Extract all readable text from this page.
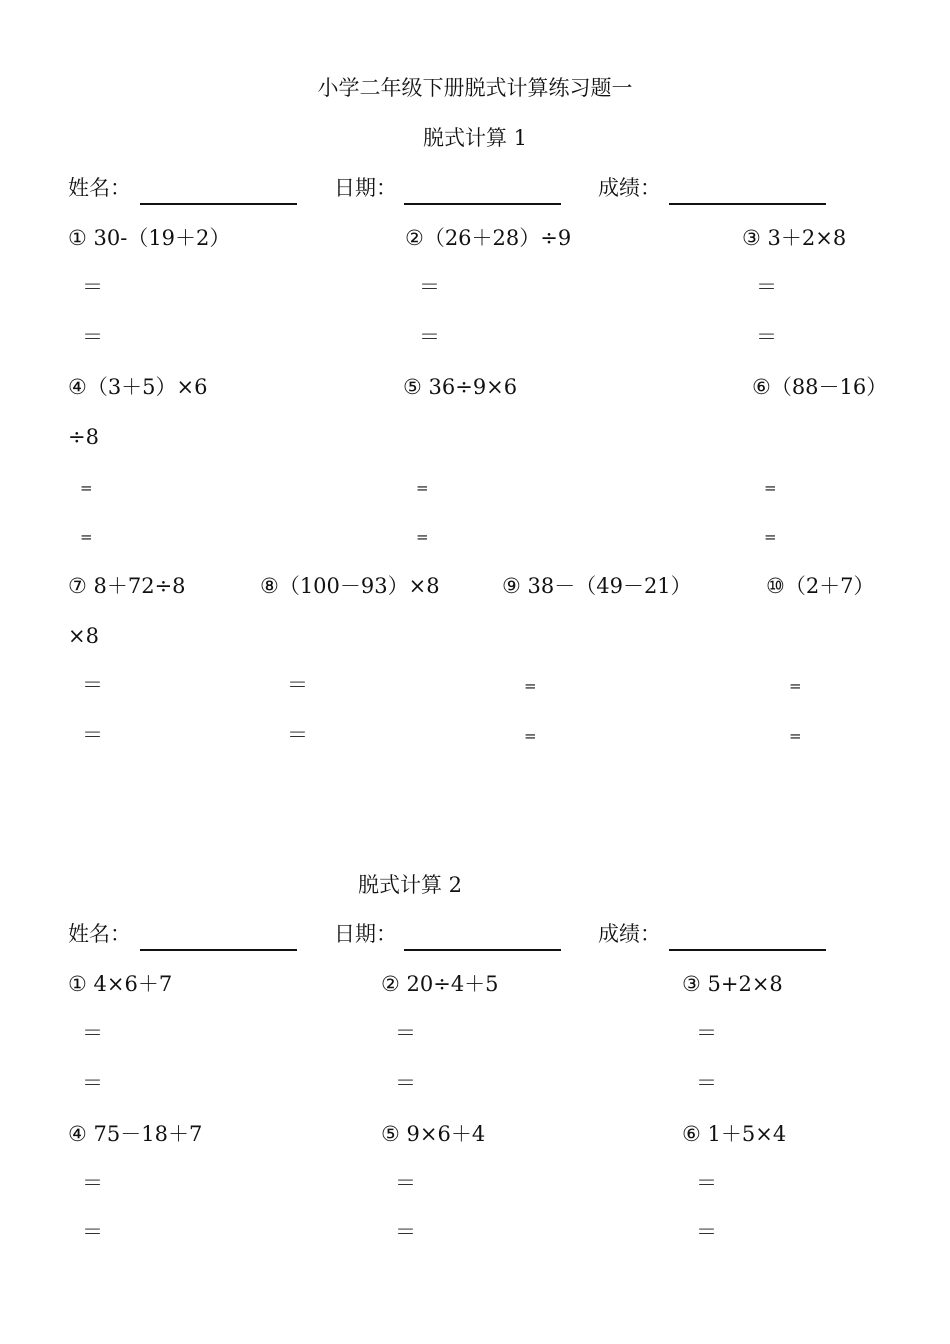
小学二年级下册脱式计算练习题一
脱式计算 1
姓名：	日期：	成绩：
① 30-（19＋2）	②（26＋28）÷9	③ 3＋2×8
＝	＝	＝
＝	＝	＝
④（3＋5）×6	⑤ 36÷9×6	⑥（88－16）
÷8
=	=	=
=	=	=
⑦ 8＋72÷8	⑧（100－93）×8	⑨ 38－（49－21）	⑩（2＋7）
×8
＝	＝	=	=
＝	＝	=	=
脱式计算 2
姓名：	日期：	成绩：
① 4×6＋7	② 20÷4＋5	③ 5+2×8
＝	＝	＝
＝	＝	＝
④ 75－18＋7	⑤ 9×6＋4	⑥ 1＋5×4
＝	＝	＝
＝	＝	＝
